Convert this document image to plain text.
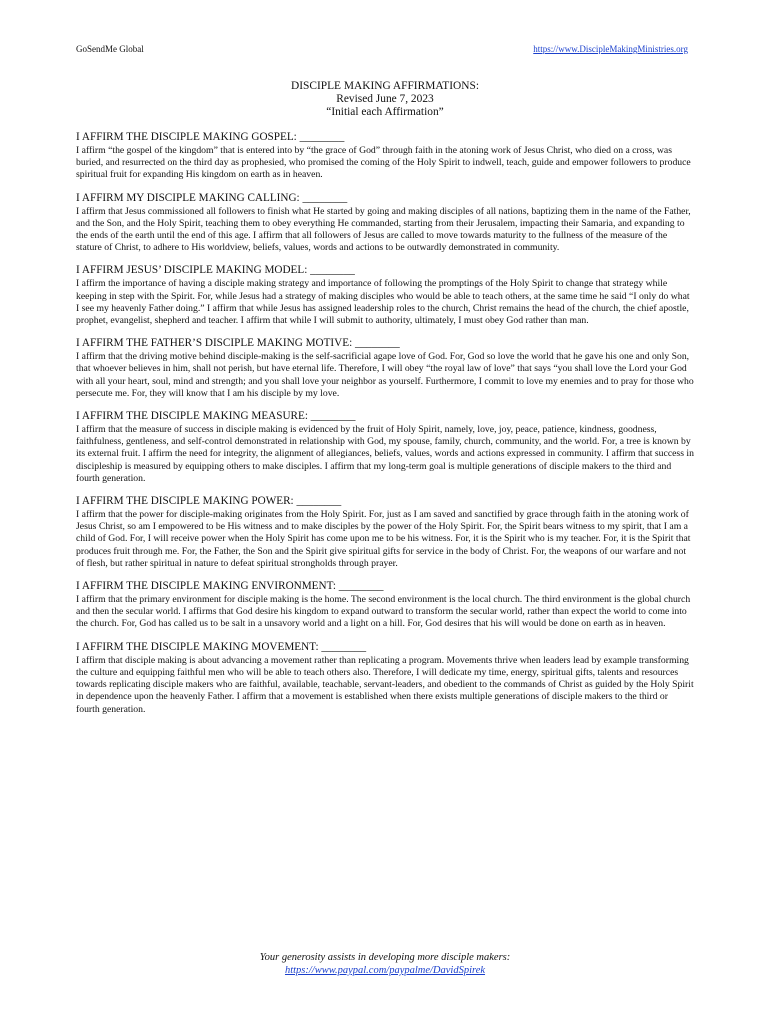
GoSendMe Global	https://www.DiscipleMakingMinistries.org
DISCIPLE MAKING AFFIRMATIONS:
Revised June 7, 2023
“Initial each Affirmation”
I AFFIRM THE DISCIPLE MAKING GOSPEL: ________
I affirm “the gospel of the kingdom” that is entered into by “the grace of God” through faith in the atoning work of Jesus Christ, who died on a cross, was buried, and resurrected on the third day as prophesied, who promised the coming of the Holy Spirit to indwell, teach, guide and empower followers to produce spiritual fruit for expanding His kingdom on earth as in heaven.
I AFFIRM MY DISCIPLE MAKING CALLING: ________
I affirm that Jesus commissioned all followers to finish what He started by going and making disciples of all nations, baptizing them in the name of the Father, and the Son, and the Holy Spirit, teaching them to obey everything He commanded, starting from their Jerusalem, impacting their Samaria, and expanding to the ends of the earth until the end of this age. I affirm that all followers of Jesus are called to move towards maturity to the fullness of the measure of the stature of Christ, to adhere to His worldview, beliefs, values, words and actions to be outwardly demonstrated in community.
I AFFIRM JESUS’ DISCIPLE MAKING MODEL: ________
I affirm the importance of having a disciple making strategy and importance of following the promptings of the Holy Spirit to change that strategy while keeping in step with the Spirit. For, while Jesus had a strategy of making disciples who would be able to teach others, at the same time he said “I only do what I see my heavenly Father doing.” I affirm that while Jesus has assigned leadership roles to the church, Christ remains the head of the church, the chief apostle, prophet, evangelist, shepherd and teacher. I affirm that while I will submit to authority, ultimately, I must obey God rather than man.
I AFFIRM THE FATHER’S DISCIPLE MAKING MOTIVE: ________
I affirm that the driving motive behind disciple-making is the self-sacrificial agape love of God. For, God so love the world that he gave his one and only Son, that whoever believes in him, shall not perish, but have eternal life. Therefore, I will obey “the royal law of love” that says “you shall love the Lord your God with all your heart, soul, mind and strength; and you shall love your neighbor as yourself. Furthermore, I commit to love my enemies and to pray for those who persecute me. For, they will know that I am his disciple by my love.
I AFFIRM THE DISCIPLE MAKING MEASURE: ________
I affirm that the measure of success in disciple making is evidenced by the fruit of Holy Spirit, namely, love, joy, peace, patience, kindness, goodness, faithfulness, gentleness, and self-control demonstrated in relationship with God, my spouse, family, church, community, and the world. For, a tree is known by its external fruit. I affirm the need for integrity, the alignment of allegiances, beliefs, values, words and actions expressed in community. I affirm that success in discipleship is measured by equipping others to make disciples. I affirm that my long-term goal is multiple generations of disciple makers to the third and fourth generation.
I AFFIRM THE DISCIPLE MAKING POWER: ________
I affirm that the power for disciple-making originates from the Holy Spirit. For, just as I am saved and sanctified by grace through faith in the atoning work of Jesus Christ, so am I empowered to be His witness and to make disciples by the power of the Holy Spirit. For, the Spirit bears witness to my spirit, that I am a child of God. For, I will receive power when the Holy Spirit has come upon me to be his witness. For, it is the Spirit who is my teacher. For, it is the Spirit that produces fruit through me. For, the Father, the Son and the Spirit give spiritual gifts for service in the body of Christ. For, the weapons of our warfare and not of flesh, but rather spiritual in nature to defeat spiritual strongholds through prayer.
I AFFIRM THE DISCIPLE MAKING ENVIRONMENT: ________
I affirm that the primary environment for disciple making is the home. The second environment is the local church. The third environment is the global church and then the secular world. I affirms that God desire his kingdom to expand outward to transform the secular world, rather than expect the world to come into the church. For, God has called us to be salt in a unsavory world and a light on a hill. For, God desires that his will would be done on earth as in heaven.
I AFFIRM THE DISCIPLE MAKING MOVEMENT: ________
I affirm that disciple making is about advancing a movement rather than replicating a program. Movements thrive when leaders lead by example transforming the culture and equipping faithful men who will be able to teach others also. Therefore, I will dedicate my time, energy, spiritual gifts, talents and resources towards replicating disciple makers who are faithful, available, teachable, servant-leaders, and obedient to the commands of Christ as guided by the Holy Spirit in dependence upon the heavenly Father. I affirm that a movement is established when there exists multiple generations of disciple makers to the third or fourth generation.
Your generosity assists in developing more disciple makers:
https://www.paypal.com/paypalme/DavidSpirek
